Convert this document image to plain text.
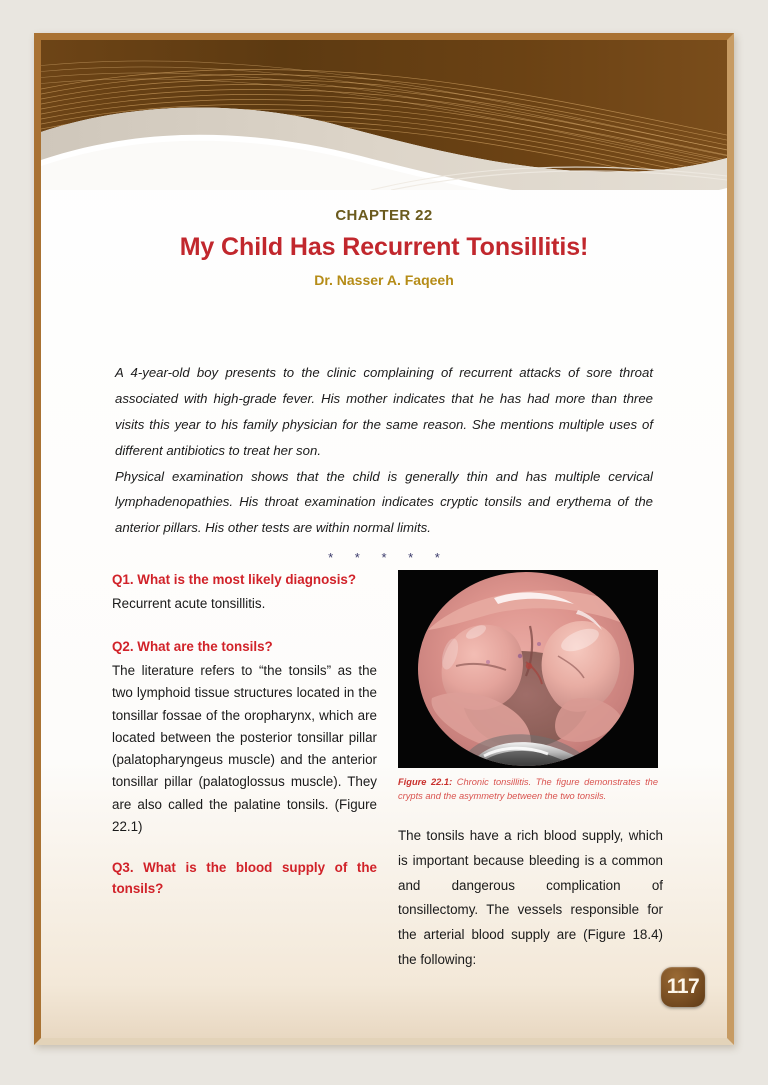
CHAPTER 22
My Child Has Recurrent Tonsillitis!
Dr. Nasser A. Faqeeh

A 4-year-old boy presents to the clinic complaining of recurrent attacks of sore throat associated with high-grade fever. His mother indicates that he has had more than three visits this year to his family physician for the same reason. She mentions multiple uses of different antibiotics to treat her son.

Physical examination shows that the child is generally thin and has multiple cervical lymphadenopathies. His throat examination indicates cryptic tonsils and erythema of the anterior pillars. His other tests are within normal limits.

* * * * *

Q1. What is the most likely diagnosis?

Recurrent acute tonsillitis.

Q2. What are the tonsils?

The literature refers to “the tonsils” as the two lymphoid tissue structures located in the tonsillar fossae of the oropharynx, which are located between the posterior tonsillar pillar (palatopharyngeus muscle) and the anterior tonsillar pillar (palatoglossus muscle). They are also called the palatine tonsils. (Figure 22.1)

Q3. What is the blood supply of the tonsils?

Figure 22.1: Chronic tonsillitis. The figure demonstrates the crypts and the asymmetry between the two tonsils.

The tonsils have a rich blood supply, which is important because bleeding is a common and dangerous complication of tonsillectomy. The vessels responsible for the arterial blood supply are (Figure 18.4) the following:

117
